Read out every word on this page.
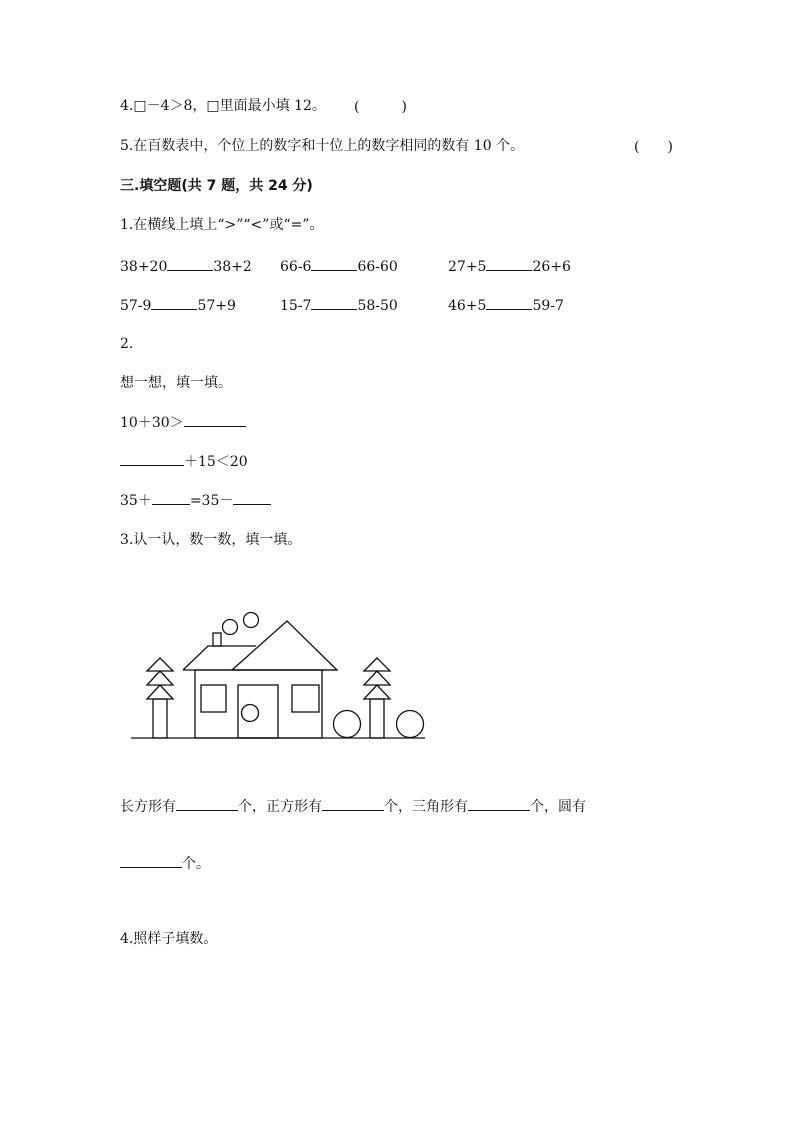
4.□－4＞8，□里面最小填 12。 (　　　)
5.在百数表中，个位上的数字和十位上的数字相同的数有 10 个。	(　　)
三.填空题(共 7 题，共 24 分)
1.在横线上填上“>”“<”或“=”。
38+20	38+2 66-6	66-60	27+5	26+6
57-9	57+9	15-7	58-50	46+5	59-7
2.
想一想，填一填。
10＋30＞
＋15＜20
35＋	=35－
3.认一认，数一数，填一填。
长方形有	个，正方形有	个，三角形有	个，圆有
个。
4.照样子填数。
